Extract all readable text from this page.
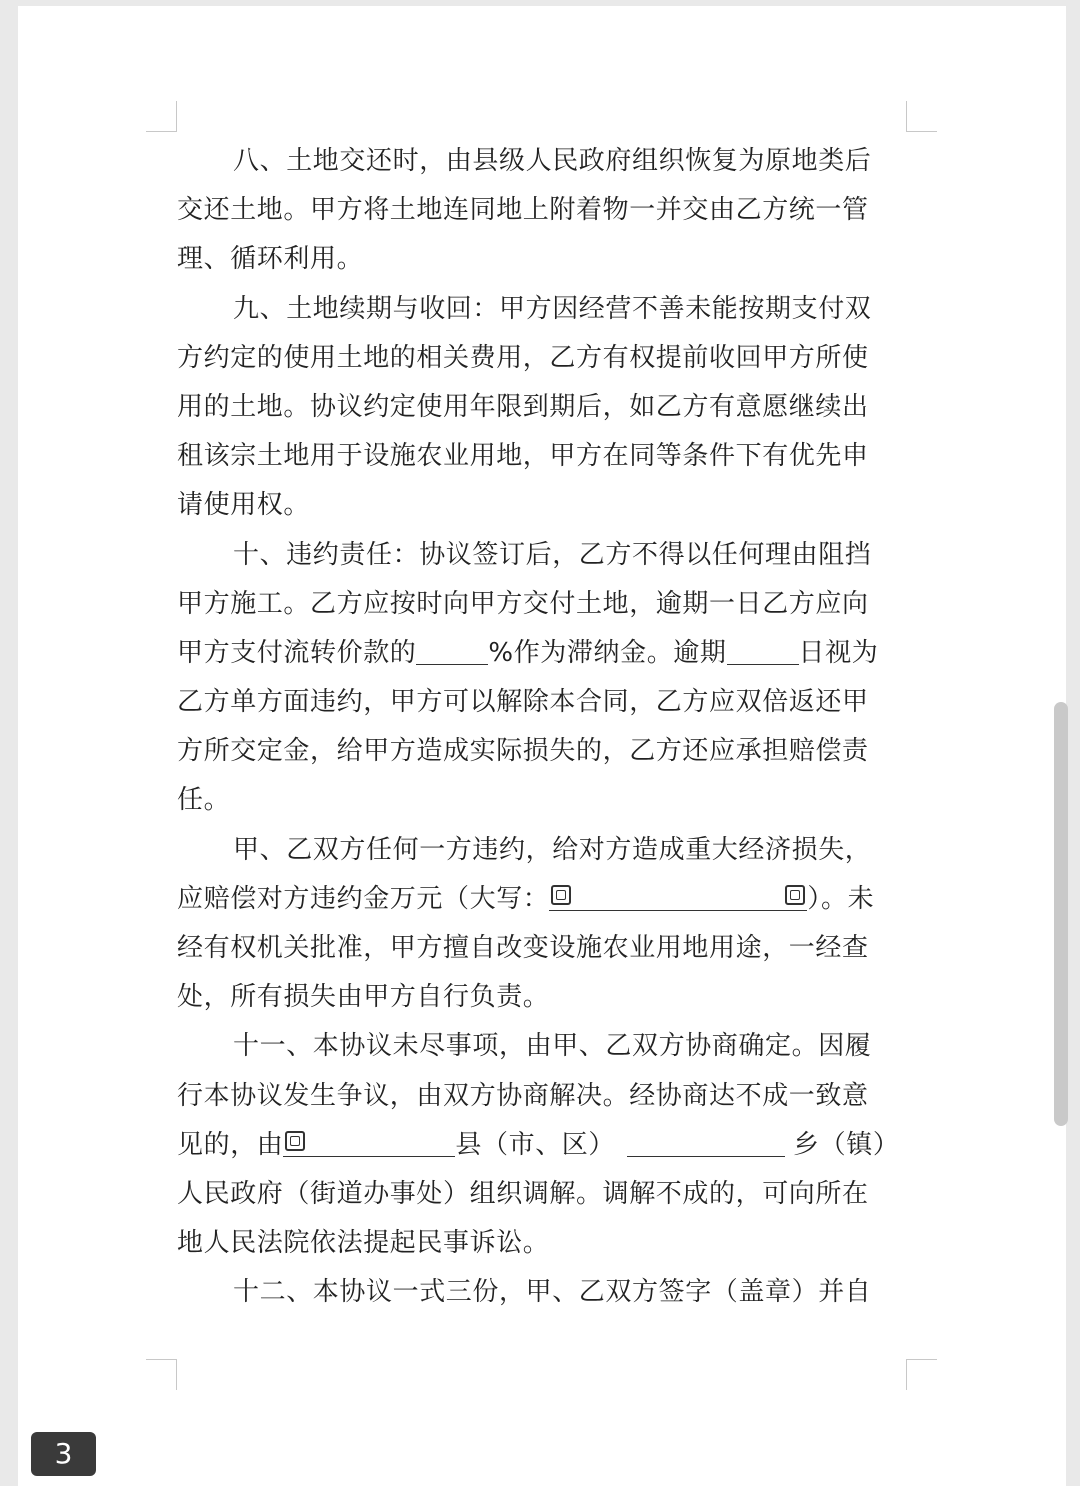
八、土地交还时，由县级人民政府组织恢复为原地类后
交还土地。甲方将土地连同地上附着物一并交由乙方统一管
理、循环利用。
九、土地续期与收回：甲方因经营不善未能按期支付双
方约定的使用土地的相关费用，乙方有权提前收回甲方所使
用的土地。协议约定使用年限到期后，如乙方有意愿继续出
租该宗土地用于设施农业用地，甲方在同等条件下有优先申
请使用权。
十、违约责任：协议签订后，乙方不得以任何理由阻挡
甲方施工。乙方应按时向甲方交付土地，逾期一日乙方应向
甲方支付流转价款的	%作为滞纳金。逾期	日视为
乙方单方面违约，甲方可以解除本合同，乙方应双倍返还甲
方所交定金，给甲方造成实际损失的，乙方还应承担赔偿责
任。
甲、乙双方任何一方违约，给对方造成重大经济损失，
应赔偿对方违约金万元（大写：	）。未
经有权机关批准，甲方擅自改变设施农业用地用途，一经查
处，所有损失由甲方自行负责。
十一、本协议未尽事项，由甲、乙双方协商确定。因履
行本协议发生争议，由双方协商解决。经协商达不成一致意
见的，由	县（市、区）	乡（镇）
人民政府（街道办事处）组织调解。调解不成的，可向所在
地人民法院依法提起民事诉讼。
十二、本协议一式三份，甲、乙双方签字（盖章）并自
3
